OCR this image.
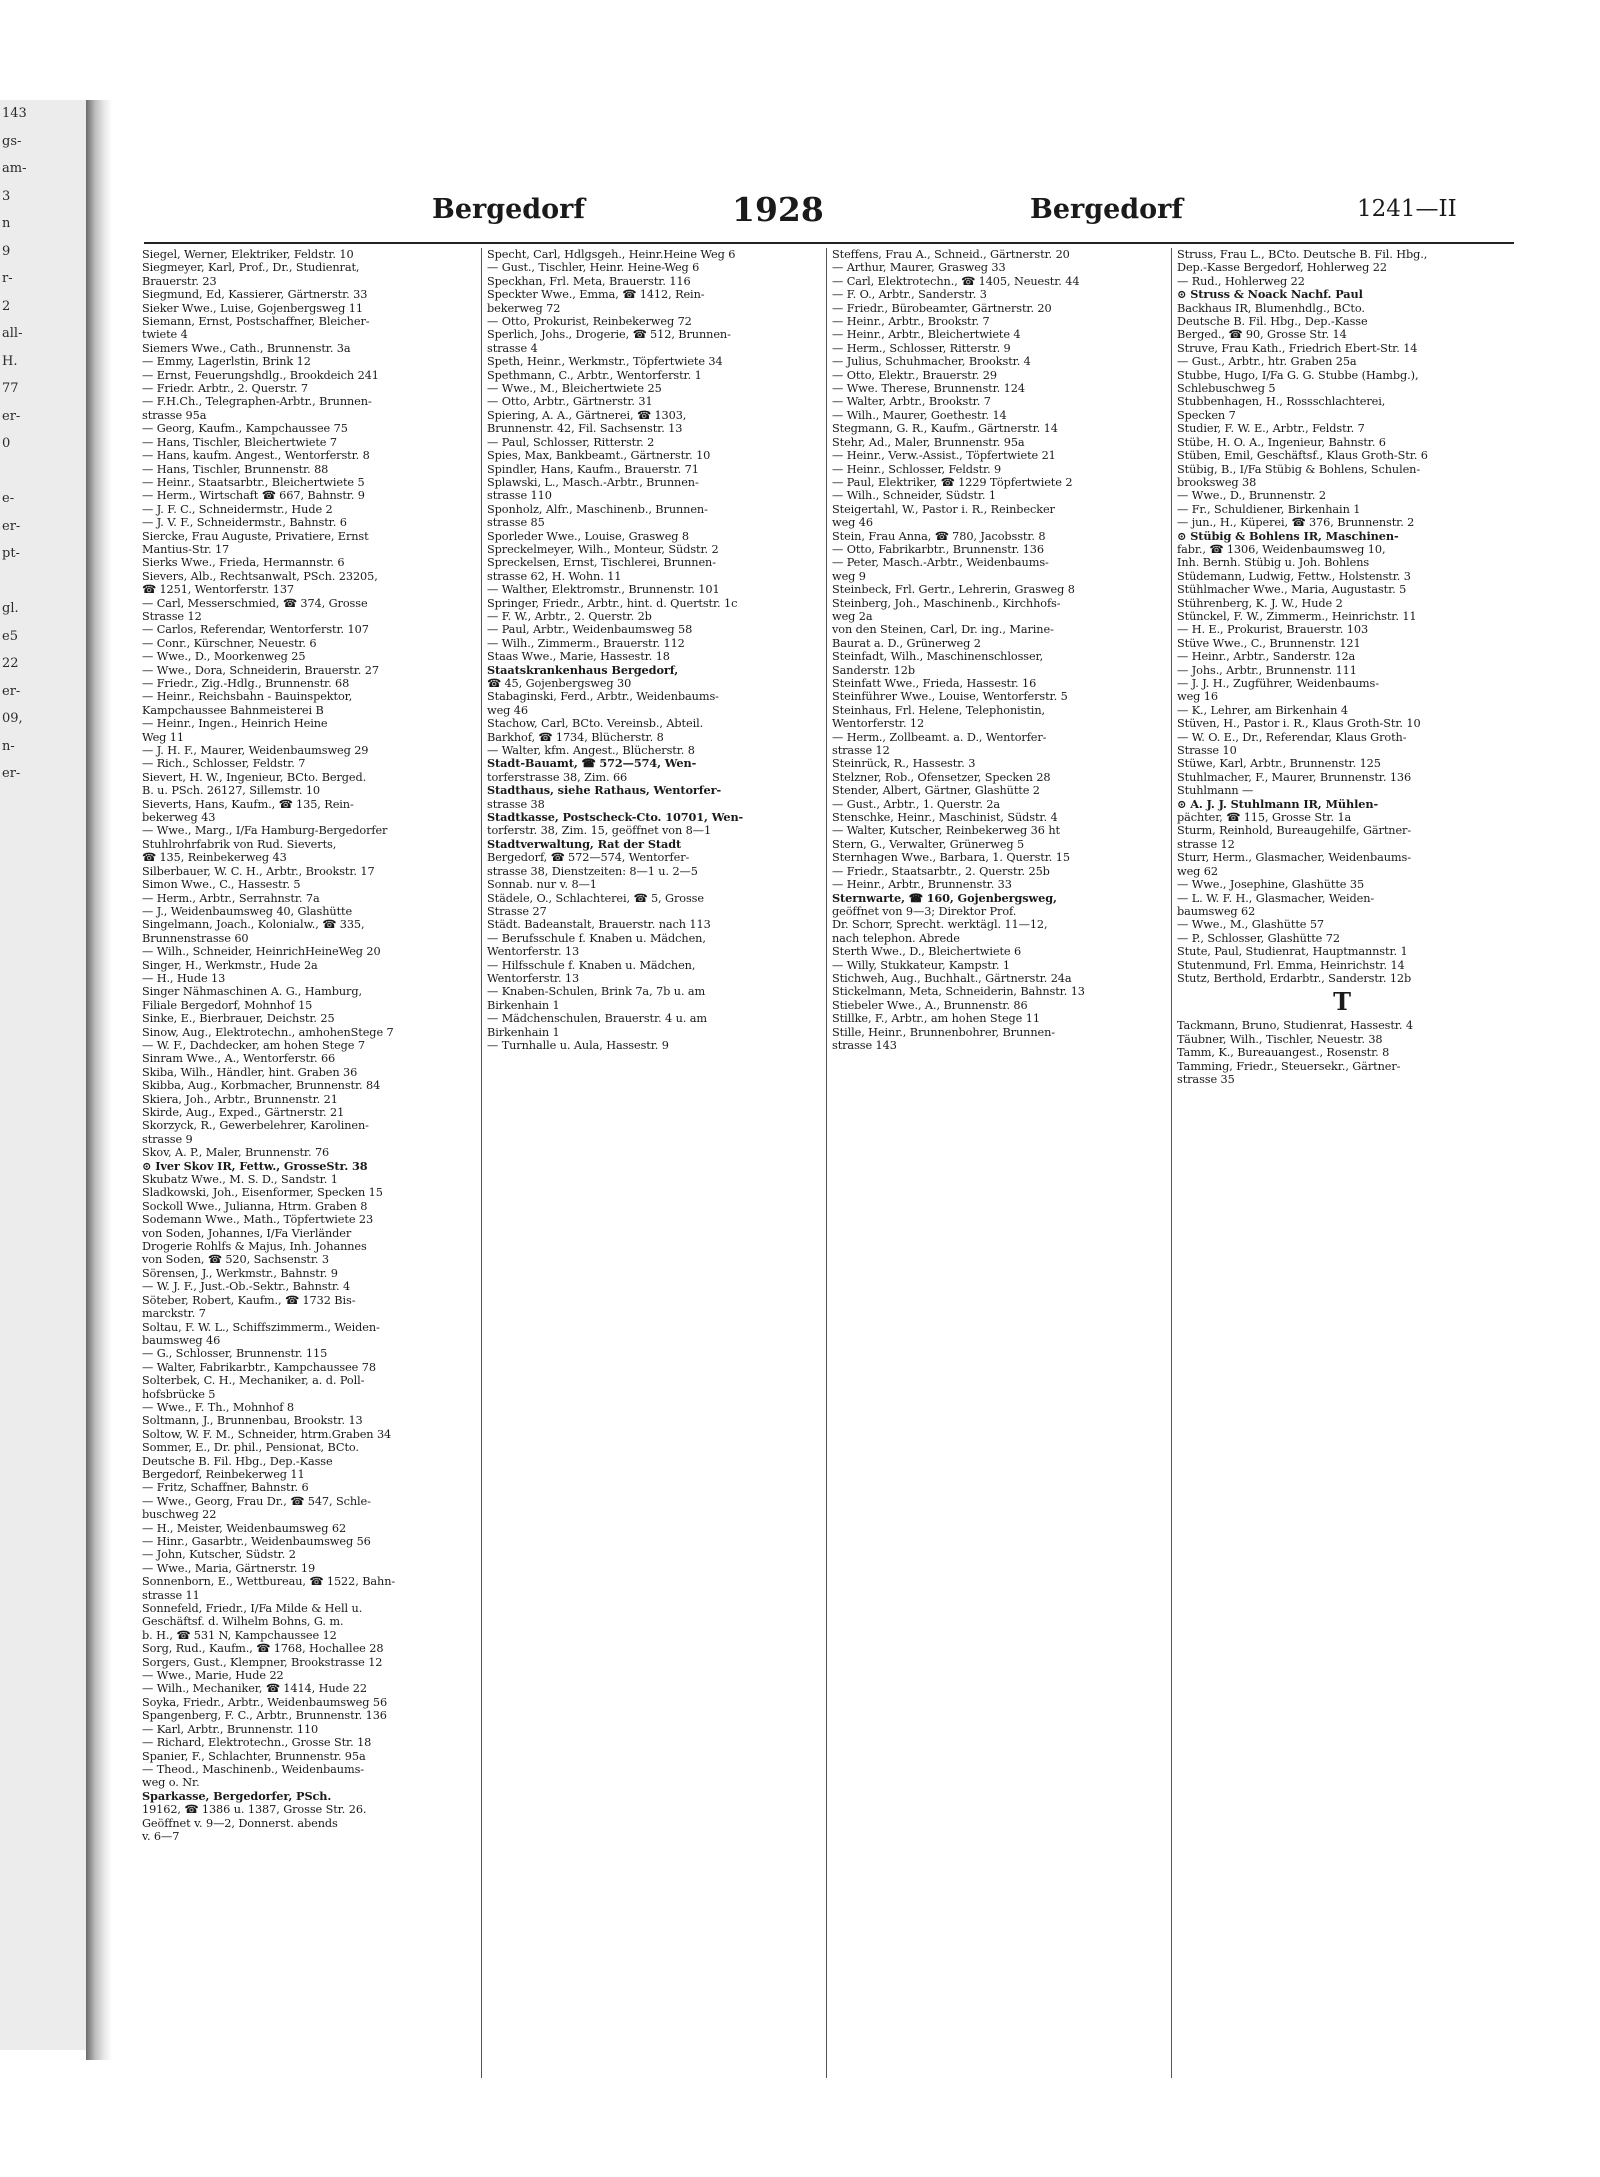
143
gs-
am-
3
n
9
r-
2
all-
H.
77
er-
0

e-
er-
pt-

gl.
e5
22
er-
09,
n-
er-

Bergedorf	1928	Bergedorf	1241—II
Siegel, Werner, Elektriker, Feldstr. 10
Siegmeyer, Karl, Prof., Dr., Studienrat,
Brauerstr. 23
Siegmund, Ed, Kassierer, Gärtnerstr. 33
Sieker Wwe., Luise, Gojenbergsweg 11
Siemann, Ernst, Postschaffner, Bleicher-
twiete 4
Siemers Wwe., Cath., Brunnenstr. 3a
— Emmy, Lagerlstin, Brink 12
— Ernst, Feuerungshdlg., Brookdeich 241
— Friedr. Arbtr., 2. Querstr. 7
— F.H.Ch., Telegraphen-Arbtr., Brunnen-
strasse 95a
— Georg, Kaufm., Kampchaussee 75
— Hans, Tischler, Bleichertwiete 7
— Hans, kaufm. Angest., Wentorferstr. 8
— Hans, Tischler, Brunnenstr. 88
— Heinr., Staatsarbtr., Bleichertwiete 5
— Herm., Wirtschaft ☎ 667, Bahnstr. 9
— J. F. C., Schneidermstr., Hude 2
— J. V. F., Schneidermstr., Bahnstr. 6
Siercke, Frau Auguste, Privatiere, Ernst
Mantius-Str. 17
Sierks Wwe., Frieda, Hermannstr. 6
Sievers, Alb., Rechtsanwalt, PSch. 23205,
☎ 1251, Wentorferstr. 137
— Carl, Messerschmied, ☎ 374, Grosse
Strasse 12
— Carlos, Referendar, Wentorferstr. 107
— Conr., Kürschner, Neuestr. 6
— Wwe., D., Moorkenweg 25
— Wwe., Dora, Schneiderin, Brauerstr. 27
— Friedr., Zig.-Hdlg., Brunnenstr. 68
— Heinr., Reichsbahn - Bauinspektor,
Kampchaussee Bahnmeisterei B
— Heinr., Ingen., Heinrich Heine
Weg 11
— J. H. F., Maurer, Weidenbaumsweg 29
— Rich., Schlosser, Feldstr. 7
Sievert, H. W., Ingenieur, BCto. Berged.
B. u. PSch. 26127, Sillemstr. 10
Sieverts, Hans, Kaufm., ☎ 135, Rein-
bekerweg 43
— Wwe., Marg., I/Fa Hamburg-Bergedorfer
Stuhlrohrfabrik von Rud. Sieverts,
☎ 135, Reinbekerweg 43
Silberbauer, W. C. H., Arbtr., Brookstr. 17
Simon Wwe., C., Hassestr. 5
— Herm., Arbtr., Serrahnstr. 7a
— J., Weidenbaumsweg 40, Glashütte
Singelmann, Joach., Kolonialw., ☎ 335,
Brunnenstrasse 60
— Wilh., Schneider, HeinrichHeineWeg 20
Singer, H., Werkmstr., Hude 2a
— H., Hude 13
Singer Nähmaschinen A. G., Hamburg,
Filiale Bergedorf, Mohnhof 15
Sinke, E., Bierbrauer, Deichstr. 25
Sinow, Aug., Elektrotechn., amhohenStege 7
— W. F., Dachdecker, am hohen Stege 7
Sinram Wwe., A., Wentorferstr. 66
Skiba, Wilh., Händler, hint. Graben 36
Skibba, Aug., Korbmacher, Brunnenstr. 84
Skiera, Joh., Arbtr., Brunnenstr. 21
Skirde, Aug., Exped., Gärtnerstr. 21
Skorzyck, R., Gewerbelehrer, Karolinen-
strasse 9
Skov, A. P., Maler, Brunnenstr. 76
⊙ Iver Skov IR, Fettw., GrosseStr. 38
Skubatz Wwe., M. S. D., Sandstr. 1
Sladkowski, Joh., Eisenformer, Specken 15
Sockoll Wwe., Julianna, Htrm. Graben 8
Sodemann Wwe., Math., Töpfertwiete 23
von Soden, Johannes, I/Fa Vierländer
Drogerie Rohlfs & Majus, Inh. Johannes
von Soden, ☎ 520, Sachsenstr. 3
Sörensen, J., Werkmstr., Bahnstr. 9
— W. J. F., Just.-Ob.-Sektr., Bahnstr. 4
Söteber, Robert, Kaufm., ☎ 1732 Bis-
marckstr. 7
Soltau, F. W. L., Schiffszimmerm., Weiden-
baumsweg 46
— G., Schlosser, Brunnenstr. 115
— Walter, Fabrikarbtr., Kampchaussee 78
Solterbek, C. H., Mechaniker, a. d. Poll-
hofsbrücke 5
— Wwe., F. Th., Mohnhof 8
Soltmann, J., Brunnenbau, Brookstr. 13
Soltow, W. F. M., Schneider, htrm.Graben 34
Sommer, E., Dr. phil., Pensionat, BCto.
Deutsche B. Fil. Hbg., Dep.-Kasse
Bergedorf, Reinbekerweg 11
— Fritz, Schaffner, Bahnstr. 6
— Wwe., Georg, Frau Dr., ☎ 547, Schle-
buschweg 22
— H., Meister, Weidenbaumsweg 62
— Hinr., Gasarbtr., Weidenbaumsweg 56
— John, Kutscher, Südstr. 2
— Wwe., Maria, Gärtnerstr. 19
Sonnenborn, E., Wettbureau, ☎ 1522, Bahn-
strasse 11
Sonnefeld, Friedr., I/Fa Milde & Hell u.
Geschäftsf. d. Wilhelm Bohns, G. m.
b. H., ☎ 531 N, Kampchaussee 12
Sorg, Rud., Kaufm., ☎ 1768, Hochallee 28
Sorgers, Gust., Klempner, Brookstrasse 12
— Wwe., Marie, Hude 22
— Wilh., Mechaniker, ☎ 1414, Hude 22
Soyka, Friedr., Arbtr., Weidenbaumsweg 56
Spangenberg, F. C., Arbtr., Brunnenstr. 136
— Karl, Arbtr., Brunnenstr. 110
— Richard, Elektrotechn., Grosse Str. 18
Spanier, F., Schlachter, Brunnenstr. 95a
— Theod., Maschinenb., Weidenbaums-
weg o. Nr.
Sparkasse, Bergedorfer, PSch.
19162, ☎ 1386 u. 1387, Grosse Str. 26.
Geöffnet v. 9—2, Donnerst. abends
v. 6—7
Specht, Carl, Hdlgsgeh., Heinr.Heine Weg 6
— Gust., Tischler, Heinr. Heine-Weg 6
Speckhan, Frl. Meta, Brauerstr. 116
Speckter Wwe., Emma, ☎ 1412, Rein-
bekerweg 72
— Otto, Prokurist, Reinbekerweg 72
Sperlich, Johs., Drogerie, ☎ 512, Brunnen-
strasse 4
Speth, Heinr., Werkmstr., Töpfertwiete 34
Spethmann, C., Arbtr., Wentorferstr. 1
— Wwe., M., Bleichertwiete 25
— Otto, Arbtr., Gärtnerstr. 31
Spiering, A. A., Gärtnerei, ☎ 1303,
Brunnenstr. 42, Fil. Sachsenstr. 13
— Paul, Schlosser, Ritterstr. 2
Spies, Max, Bankbeamt., Gärtnerstr. 10
Spindler, Hans, Kaufm., Brauerstr. 71
Splawski, L., Masch.-Arbtr., Brunnen-
strasse 110
Sponholz, Alfr., Maschinenb., Brunnen-
strasse 85
Sporleder Wwe., Louise, Grasweg 8
Spreckelmeyer, Wilh., Monteur, Südstr. 2
Spreckelsen, Ernst, Tischlerei, Brunnen-
strasse 62, H. Wohn. 11
— Walther, Elektromstr., Brunnenstr. 101
Springer, Friedr., Arbtr., hint. d. Quertstr. 1c
— F. W., Arbtr., 2. Querstr. 2b
— Paul, Arbtr., Weidenbaumsweg 58
— Wilh., Zimmerm., Brauerstr. 112
Staas Wwe., Marie, Hassestr. 18
Staatskrankenhaus Bergedorf,
☎ 45, Gojenbergsweg 30
Stabaginski, Ferd., Arbtr., Weidenbaums-
weg 46
Stachow, Carl, BCto. Vereinsb., Abteil.
Barkhof, ☎ 1734, Blücherstr. 8
— Walter, kfm. Angest., Blücherstr. 8
Stadt-Bauamt, ☎ 572—574, Wen-
torferstrasse 38, Zim. 66
Stadthaus, siehe Rathaus, Wentorfer-
strasse 38
Stadtkasse, Postscheck-Cto. 10701, Wen-
torferstr. 38, Zim. 15, geöffnet von 8—1
Stadtverwaltung, Rat der Stadt
Bergedorf, ☎ 572—574, Wentorfer-
strasse 38, Dienstzeiten: 8—1 u. 2—5
Sonnab. nur v. 8—1
Städele, O., Schlachterei, ☎ 5, Grosse
Strasse 27
Städt. Badeanstalt, Brauerstr. nach 113
— Berufsschule f. Knaben u. Mädchen,
Wentorferstr. 13
— Hilfsschule f. Knaben u. Mädchen,
Wentorferstr. 13
— Knaben-Schulen, Brink 7a, 7b u. am
Birkenhain 1
— Mädchenschulen, Brauerstr. 4 u. am
Birkenhain 1
— Turnhalle u. Aula, Hassestr. 9
Steffens, Frau A., Schneid., Gärtnerstr. 20
— Arthur, Maurer, Grasweg 33
— Carl, Elektrotechn., ☎ 1405, Neuestr. 44
— F. O., Arbtr., Sanderstr. 3
— Friedr., Bürobeamter, Gärtnerstr. 20
— Heinr., Arbtr., Brookstr. 7
— Heinr., Arbtr., Bleichertwiete 4
— Herm., Schlosser, Ritterstr. 9
— Julius, Schuhmacher, Brookstr. 4
— Otto, Elektr., Brauerstr. 29
— Wwe. Therese, Brunnenstr. 124
— Walter, Arbtr., Brookstr. 7
— Wilh., Maurer, Goethestr. 14
Stegmann, G. R., Kaufm., Gärtnerstr. 14
Stehr, Ad., Maler, Brunnenstr. 95a
— Heinr., Verw.-Assist., Töpfertwiete 21
— Heinr., Schlosser, Feldstr. 9
— Paul, Elektriker, ☎ 1229 Töpfertwiete 2
— Wilh., Schneider, Südstr. 1
Steigertahl, W., Pastor i. R., Reinbecker
weg 46
Stein, Frau Anna, ☎ 780, Jacobsstr. 8
— Otto, Fabrikarbtr., Brunnenstr. 136
— Peter, Masch.-Arbtr., Weidenbaums-
weg 9
Steinbeck, Frl. Gertr., Lehrerin, Grasweg 8
Steinberg, Joh., Maschinenb., Kirchhofs-
weg 2a
von den Steinen, Carl, Dr. ing., Marine-
Baurat a. D., Grünerweg 2
Steinfadt, Wilh., Maschinenschlosser,
Sanderstr. 12b
Steinfatt Wwe., Frieda, Hassestr. 16
Steinführer Wwe., Louise, Wentorferstr. 5
Steinhaus, Frl. Helene, Telephonistin,
Wentorferstr. 12
— Herm., Zollbeamt. a. D., Wentorfer-
strasse 12
Steinrück, R., Hassestr. 3
Stelzner, Rob., Ofensetzer, Specken 28
Stender, Albert, Gärtner, Glashütte 2
— Gust., Arbtr., 1. Querstr. 2a
Stenschke, Heinr., Maschinist, Südstr. 4
— Walter, Kutscher, Reinbekerweg 36 ht
Stern, G., Verwalter, Grünerweg 5
Sternhagen Wwe., Barbara, 1. Querstr. 15
— Friedr., Staatsarbtr., 2. Querstr. 25b
— Heinr., Arbtr., Brunnenstr. 33
Sternwarte, ☎ 160, Gojenbergsweg,
geöffnet von 9—3; Direktor Prof.
Dr. Schorr, Sprecht. werktägl. 11—12,
nach telephon. Abrede
Sterth Wwe., D., Bleichertwiete 6
— Willy, Stukkateur, Kampstr. 1
Stichweh, Aug., Buchhalt., Gärtnerstr. 24a
Stickelmann, Meta, Schneiderin, Bahnstr. 13
Stiebeler Wwe., A., Brunnenstr. 86
Stillke, F., Arbtr., am hohen Stege 11
Stille, Heinr., Brunnenbohrer, Brunnen-
strasse 143
Struss, Frau L., BCto. Deutsche B. Fil. Hbg.,
Dep.-Kasse Bergedorf, Hohlerweg 22
— Rud., Hohlerweg 22
⊙ Struss & Noack Nachf. Paul
Backhaus IR, Blumenhdlg., BCto.
Deutsche B. Fil. Hbg., Dep.-Kasse
Berged., ☎ 90, Grosse Str. 14
Struve, Frau Kath., Friedrich Ebert-Str. 14
— Gust., Arbtr., htr. Graben 25a
Stubbe, Hugo, I/Fa G. G. Stubbe (Hambg.),
Schlebuschweg 5
Stubbenhagen, H., Rossschlachterei,
Specken 7
Studier, F. W. E., Arbtr., Feldstr. 7
Stübe, H. O. A., Ingenieur, Bahnstr. 6
Stüben, Emil, Geschäftsf., Klaus Groth-Str. 6
Stübig, B., I/Fa Stübig & Bohlens, Schulen-
brooksweg 38
— Wwe., D., Brunnenstr. 2
— Fr., Schuldiener, Birkenhain 1
— jun., H., Küperei, ☎ 376, Brunnenstr. 2
⊙ Stübig & Bohlens IR, Maschinen-
fabr., ☎ 1306, Weidenbaumsweg 10,
Inh. Bernh. Stübig u. Joh. Bohlens
Stüdemann, Ludwig, Fettw., Holstenstr. 3
Stühlmacher Wwe., Maria, Augustastr. 5
Stührenberg, K. J. W., Hude 2
Stünckel, F. W., Zimmerm., Heinrichstr. 11
— H. E., Prokurist, Brauerstr. 103
Stüve Wwe., C., Brunnenstr. 121
— Heinr., Arbtr., Sanderstr. 12a
— Johs., Arbtr., Brunnenstr. 111
— J. J. H., Zugführer, Weidenbaums-
weg 16
— K., Lehrer, am Birkenhain 4
Stüven, H., Pastor i. R., Klaus Groth-Str. 10
— W. O. E., Dr., Referendar, Klaus Groth-
Strasse 10
Stüwe, Karl, Arbtr., Brunnenstr. 125
Stuhlmacher, F., Maurer, Brunnenstr. 136
Stuhlmann —
⊙ A. J. J. Stuhlmann IR, Mühlen-
pächter, ☎ 115, Grosse Str. 1a
Sturm, Reinhold, Bureaugehilfe, Gärtner-
strasse 12
Sturr, Herm., Glasmacher, Weidenbaums-
weg 62
— Wwe., Josephine, Glashütte 35
— L. W. F. H., Glasmacher, Weiden-
baumsweg 62
— Wwe., M., Glashütte 57
— P., Schlosser, Glashütte 72
Stute, Paul, Studienrat, Hauptmannstr. 1
Stutenmund, Frl. Emma, Heinrichstr. 14
Stutz, Berthold, Erdarbtr., Sanderstr. 12b
T
Tackmann, Bruno, Studienrat, Hassestr. 4
Täubner, Wilh., Tischler, Neuestr. 38
Tamm, K., Bureauangest., Rosenstr. 8
Tamming, Friedr., Steuersekr., Gärtner-
strasse 35
